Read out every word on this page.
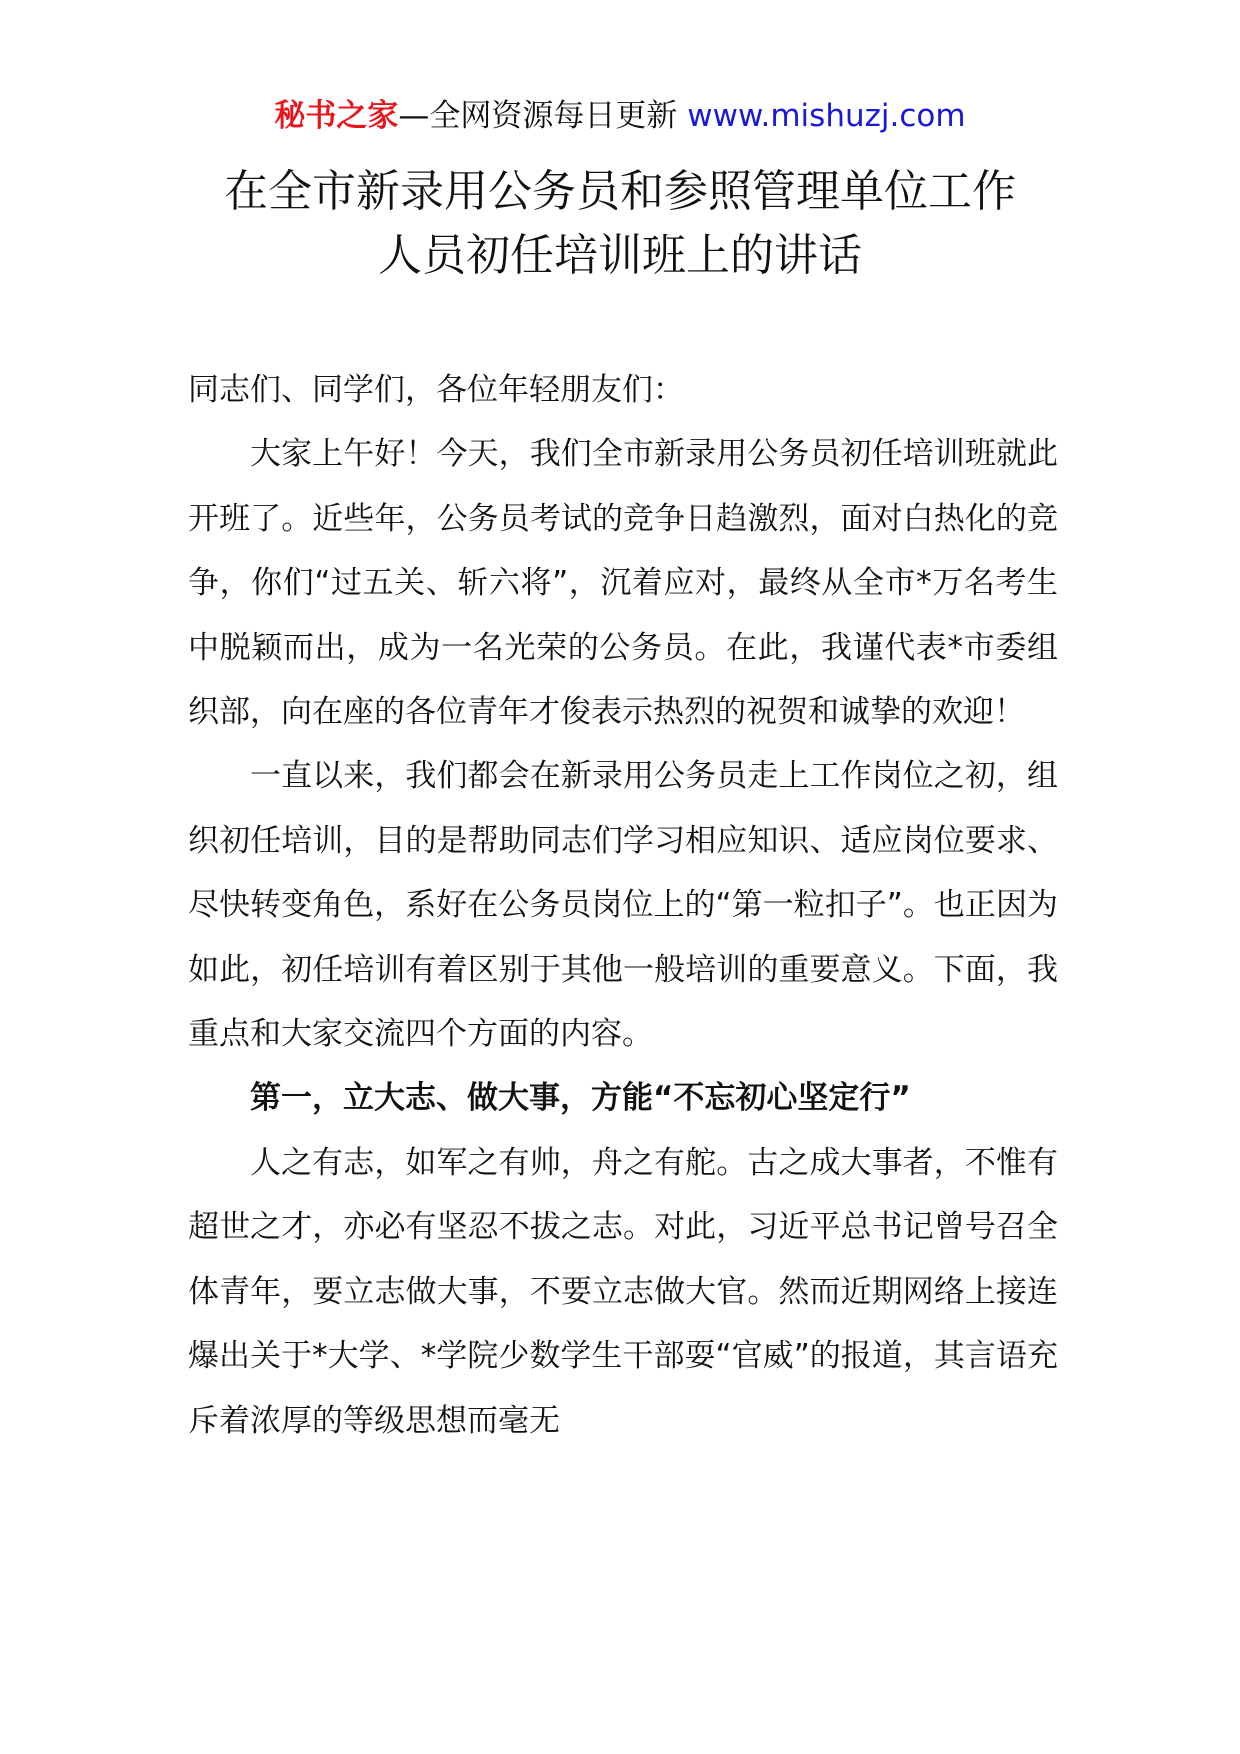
秘书之家—全网资源每日更新 www.mishuzj.com
在全市新录用公务员和参照管理单位工作
人员初任培训班上的讲话

同志们、同学们，各位年轻朋友们：

大家上午好！今天，我们全市新录用公务员初任培训班就此开班了。近些年，公务员考试的竞争日趋激烈，面对白热化的竞争，你们“过五关、斩六将”，沉着应对，最终从全市*万名考生中脱颖而出，成为一名光荣的公务员。在此，我谨代表*市委组织部，向在座的各位青年才俊表示热烈的祝贺和诚挚的欢迎！

一直以来，我们都会在新录用公务员走上工作岗位之初，组织初任培训，目的是帮助同志们学习相应知识、适应岗位要求、尽快转变角色，系好在公务员岗位上的“第一粒扣子”。也正因为如此，初任培训有着区别于其他一般培训的重要意义。下面，我重点和大家交流四个方面的内容。

第一，立大志、做大事，方能“不忘初心坚定行”

人之有志，如军之有帅，舟之有舵。古之成大事者，不惟有超世之才，亦必有坚忍不拔之志。对此，习近平总书记曾号召全体青年，要立志做大事，不要立志做大官。然而近期网络上接连爆出关于*大学、*学院少数学生干部耍“官威”的报道，其言语充斥着浓厚的等级思想而毫无
